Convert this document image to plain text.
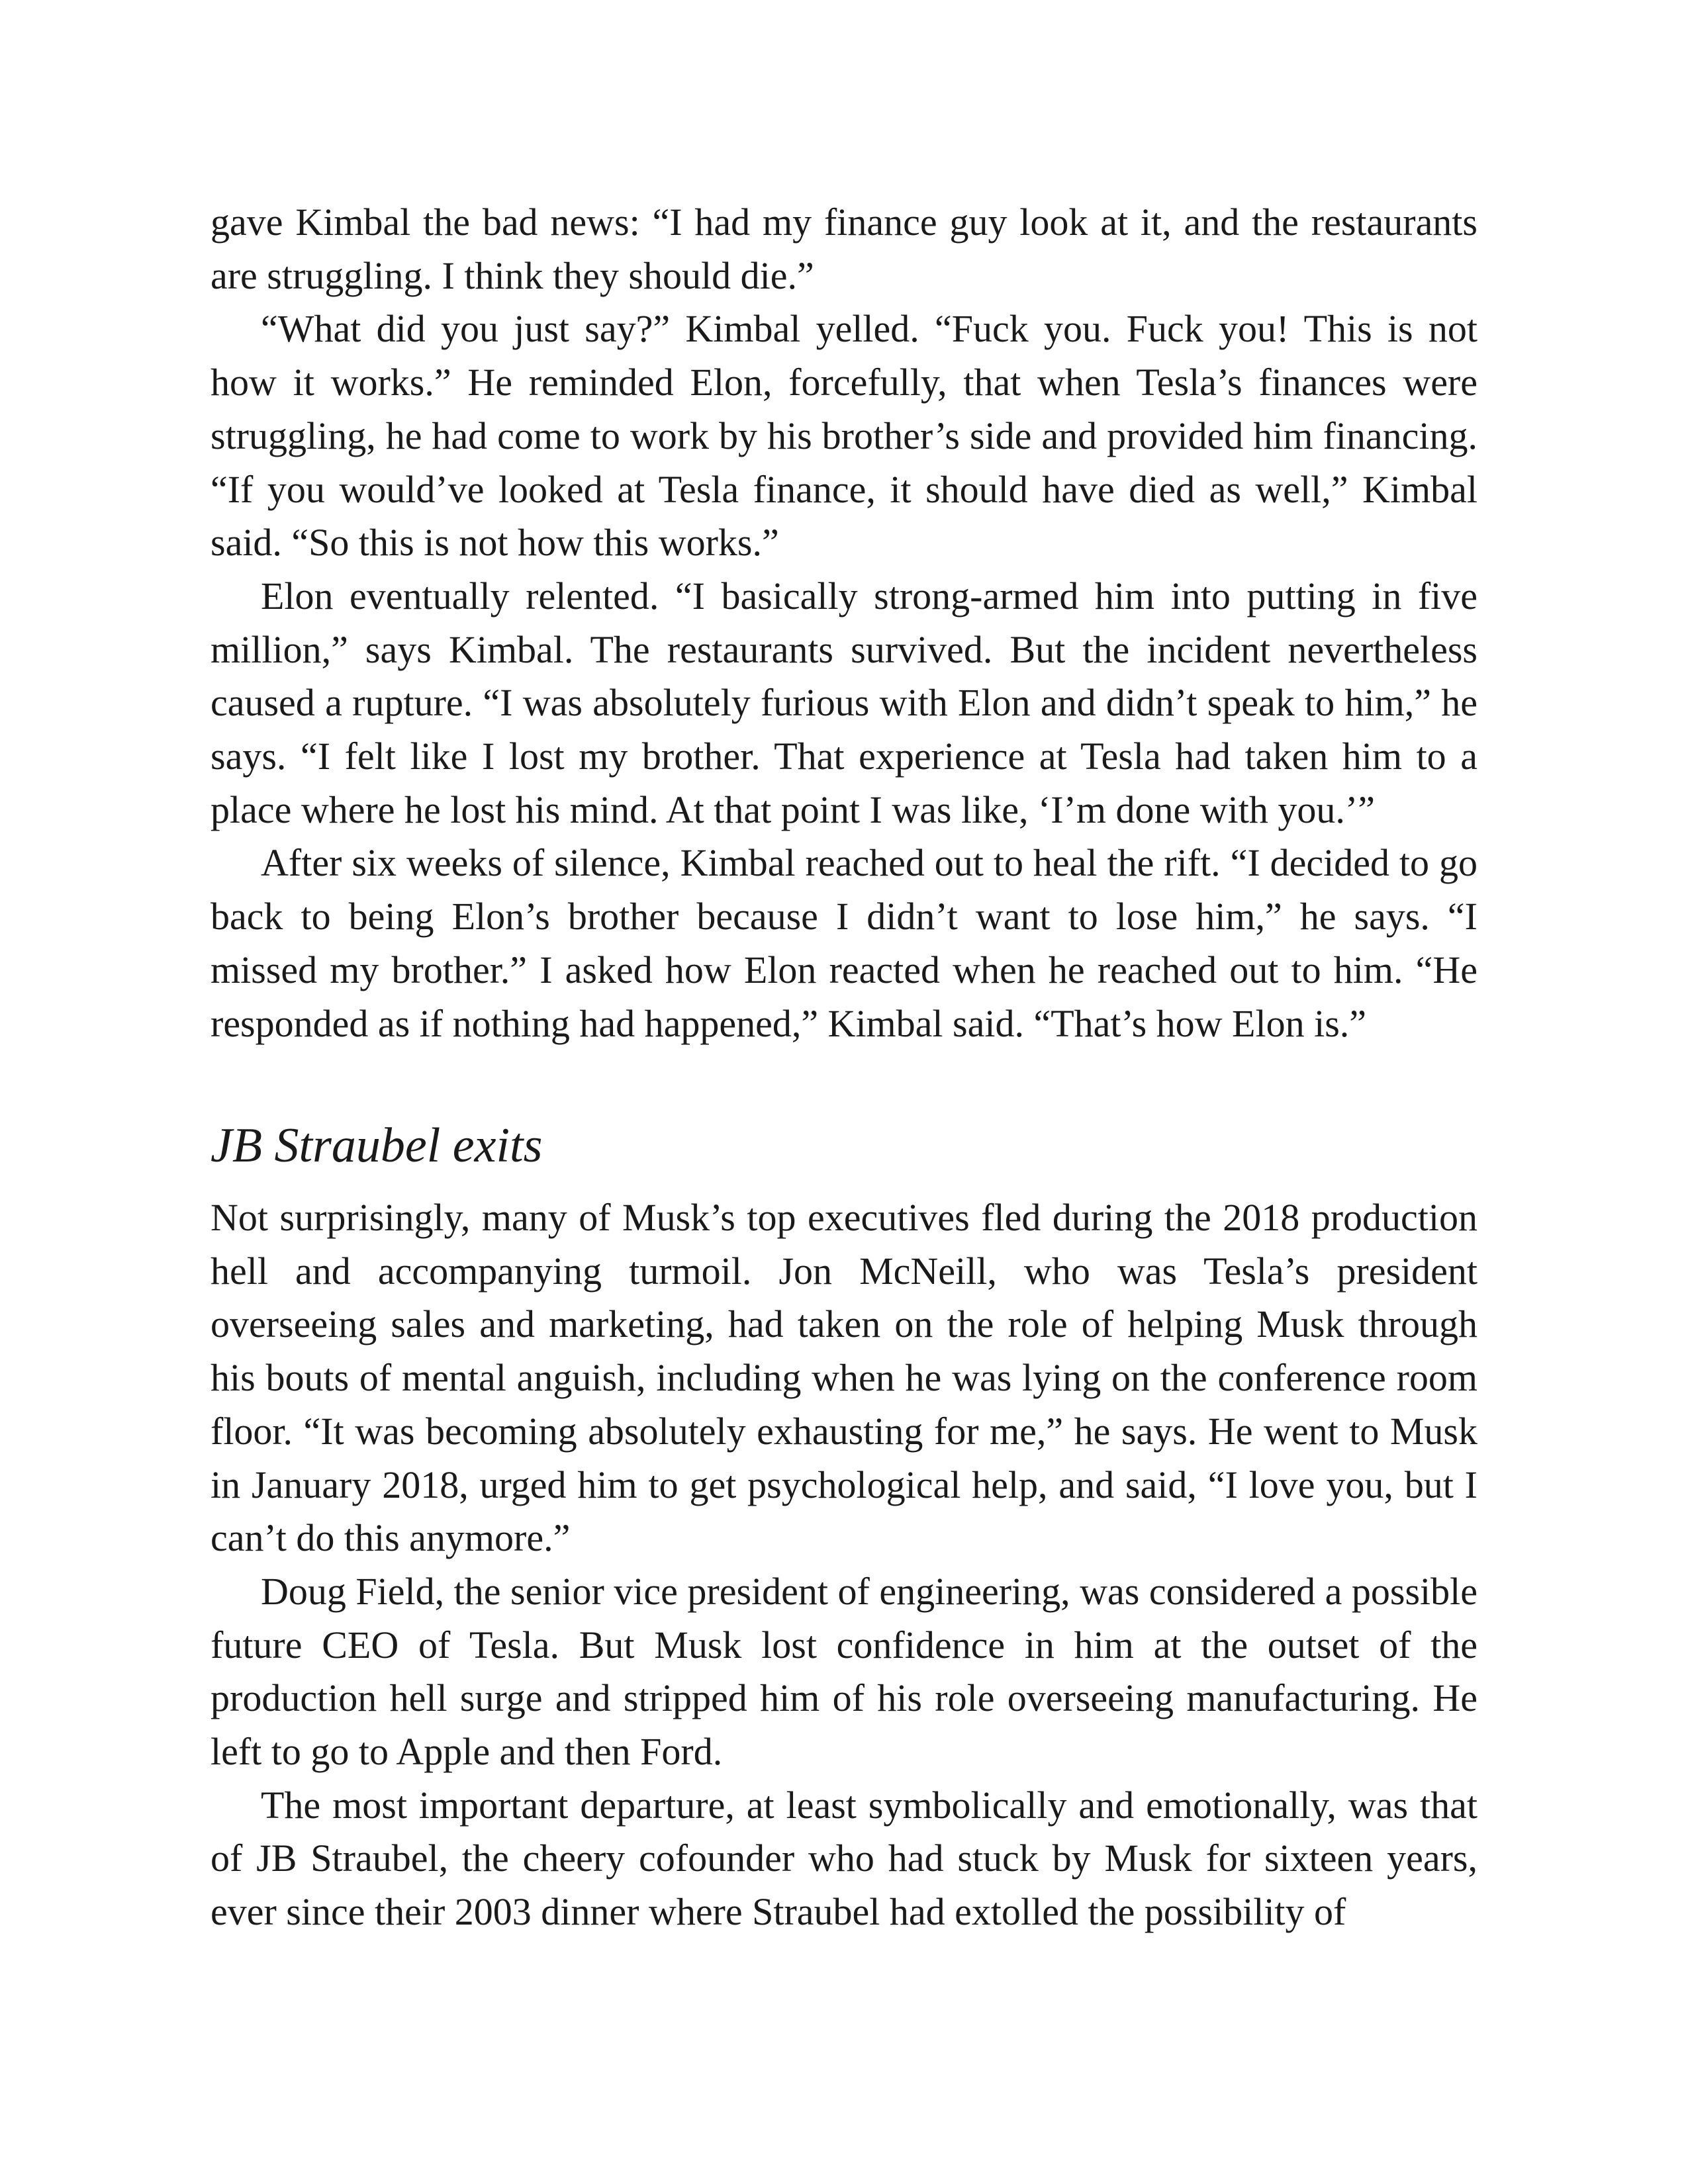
gave Kimbal the bad news: “I had my finance guy look at it, and the restaurants are struggling. I think they should die.”

“What did you just say?” Kimbal yelled. “Fuck you. Fuck you! This is not how it works.” He reminded Elon, forcefully, that when Tesla’s finances were struggling, he had come to work by his brother’s side and provided him financing. “If you would’ve looked at Tesla finance, it should have died as well,” Kimbal said. “So this is not how this works.”

Elon eventually relented. “I basically strong-armed him into putting in five million,” says Kimbal. The restaurants survived. But the incident nevertheless caused a rupture. “I was absolutely furious with Elon and didn’t speak to him,” he says. “I felt like I lost my brother. That experience at Tesla had taken him to a place where he lost his mind. At that point I was like, ‘I’m done with you.’”

After six weeks of silence, Kimbal reached out to heal the rift. “I decided to go back to being Elon’s brother because I didn’t want to lose him,” he says. “I missed my brother.” I asked how Elon reacted when he reached out to him. “He responded as if nothing had happened,” Kimbal said. “That’s how Elon is.”

JB Straubel exits

Not surprisingly, many of Musk’s top executives fled during the 2018 production hell and accompanying turmoil. Jon McNeill, who was Tesla’s president overseeing sales and marketing, had taken on the role of helping Musk through his bouts of mental anguish, including when he was lying on the conference room floor. “It was becoming absolutely exhausting for me,” he says. He went to Musk in January 2018, urged him to get psychological help, and said, “I love you, but I can’t do this anymore.”

Doug Field, the senior vice president of engineering, was considered a possible future CEO of Tesla. But Musk lost confidence in him at the outset of the production hell surge and stripped him of his role overseeing manufacturing. He left to go to Apple and then Ford.

The most important departure, at least symbolically and emotionally, was that of JB Straubel, the cheery cofounder who had stuck by Musk for sixteen years, ever since their 2003 dinner where Straubel had extolled the possibility of
